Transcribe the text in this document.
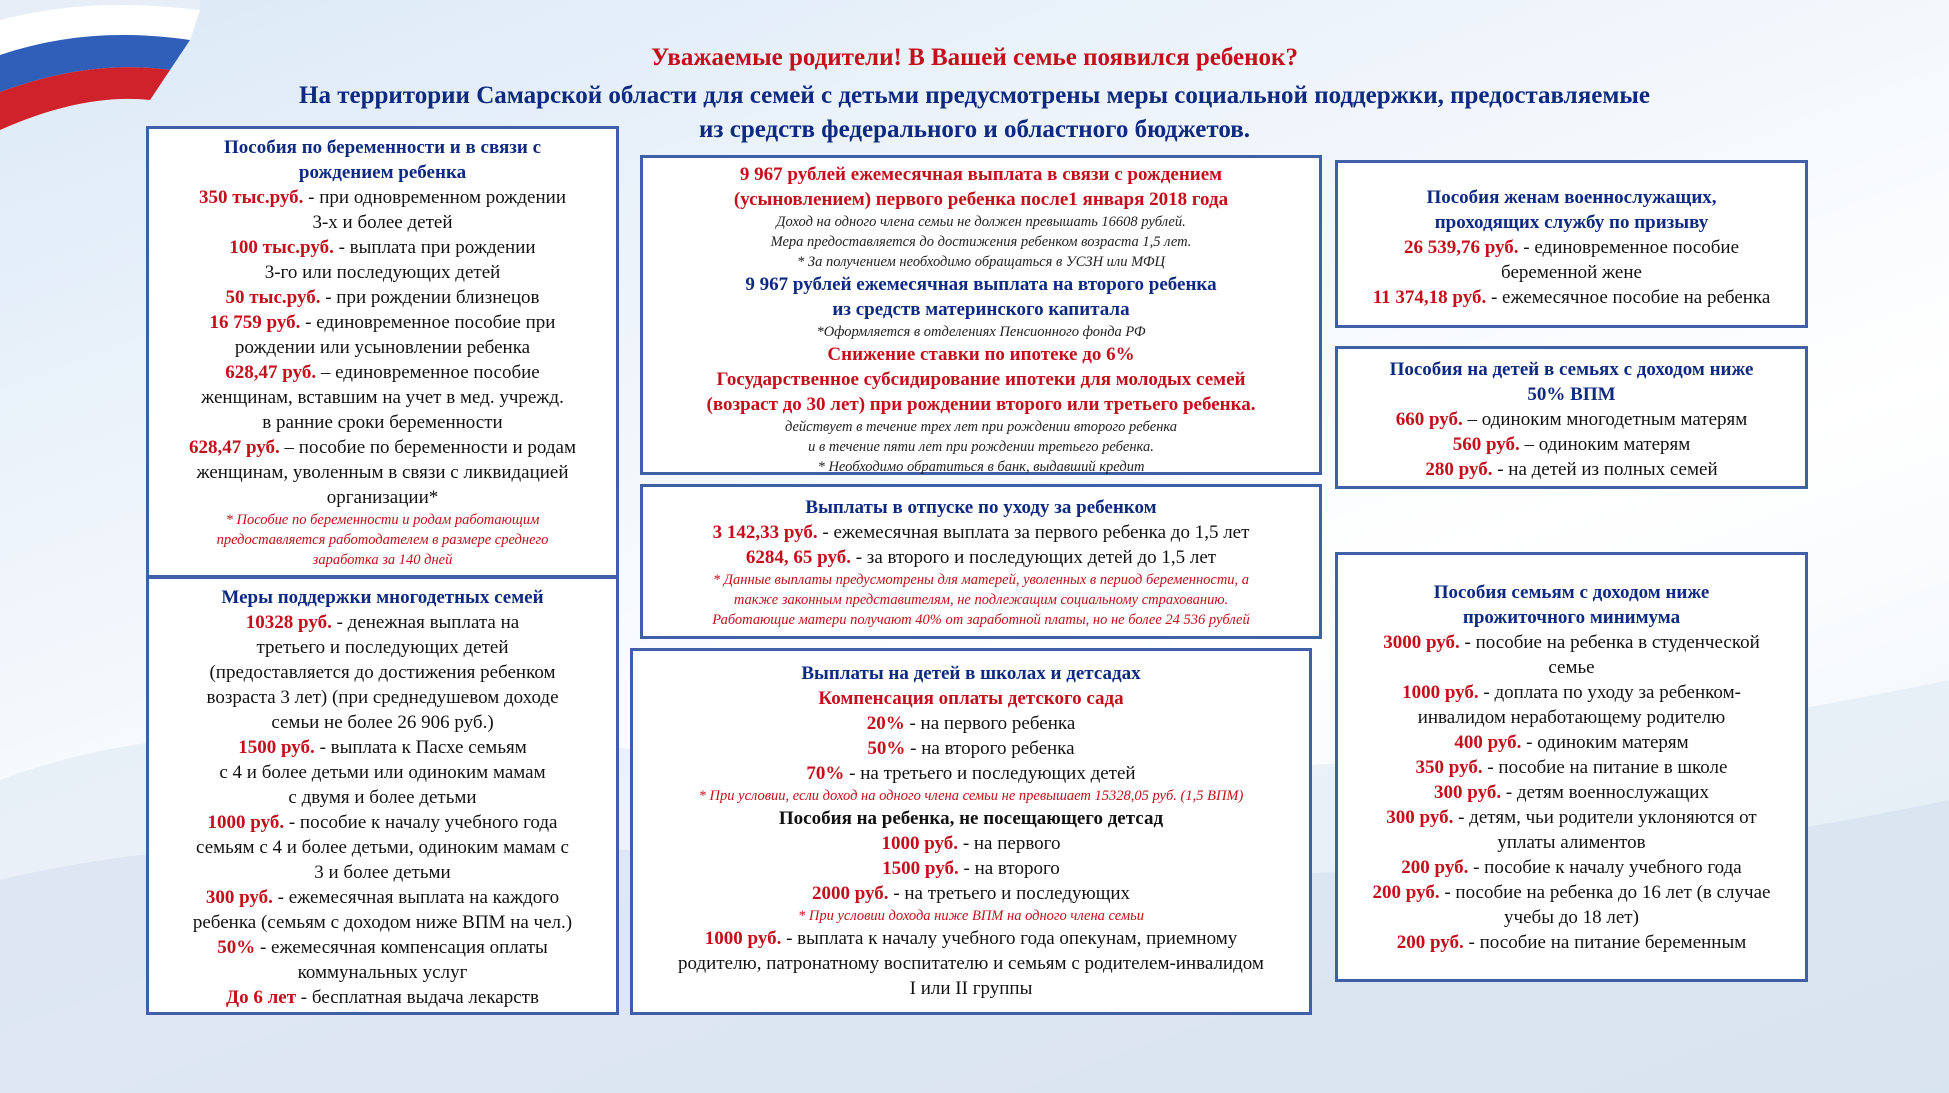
Уважаемые родители! В Вашей семье появился ребенок?
На территории Самарской области для семей с детьми предусмотрены меры социальной поддержки, предоставляемые
из средств федерального и областного бюджетов.

Пособия по беременности и в связи с

рождением ребенка

350 тыс.руб. - при одновременном рождении

3-х и более детей

100 тыс.руб. - выплата при рождении

3-го или последующих детей

50 тыс.руб. - при рождении близнецов

16 759 руб. - единовременное пособие при

рождении или усыновлении ребенка

628,47 руб. – единовременное пособие

женщинам, вставшим на учет в мед. учрежд.

в ранние сроки беременности

628,47 руб. – пособие по беременности и родам

женщинам, уволенным в связи с ликвидацией

организации*

* Пособие по беременности и родам работающим

предоставляется работодателем в размере среднего

заработка за 140 дней

Меры поддержки многодетных семей

10328 руб. - денежная выплата на

третьего и последующих детей

(предоставляется до достижения ребенком

возраста 3 лет) (при среднедушевом доходе

семьи не более 26 906 руб.)

1500 руб. - выплата к Пасхе семьям

с 4 и более детьми или одиноким мамам

с двумя и более детьми

1000 руб. - пособие к началу учебного года

семьям с 4 и более детьми, одиноким мамам с

3 и более детьми

300 руб. - ежемесячная выплата на каждого

ребенка (семьям с доходом ниже ВПМ на чел.)

50% - ежемесячная компенсация оплаты

коммунальных услуг

До 6 лет - бесплатная выдача лекарств

9 967 рублей ежемесячная выплата в связи с рождением

(усыновлением) первого ребенка после1 января 2018 года

Доход на одного члена семьи не должен превышать 16608 рублей.

Мера предоставляется до достижения ребенком возраста 1,5 лет.

* За получением необходимо обращаться в УСЗН или МФЦ

9 967 рублей ежемесячная выплата на второго ребенка

из средств материнского капитала

*Оформляется в отделениях Пенсионного фонда РФ

Снижение ставки по ипотеке до 6%

Государственное субсидирование ипотеки для молодых семей

(возраст до 30 лет) при рождении второго или третьего ребенка.

действует в течение трех лет при рождении второго ребенка

и в течение пяти лет при рождении третьего ребенка.

* Необходимо обратиться в банк, выдавший кредит

Выплаты в отпуске по уходу за ребенком

3 142,33 руб. - ежемесячная выплата за первого ребенка до 1,5 лет

6284, 65 руб. - за второго и последующих детей до 1,5 лет

* Данные выплаты предусмотрены для матерей, уволенных в период беременности, а

также законным представителям, не подлежащим социальному страхованию.

Работающие матери получают 40% от заработной платы, но не более 24 536 рублей

Выплаты на детей в школах и детсадах

Компенсация оплаты детского сада

20% - на первого ребенка

50% - на второго ребенка

70% - на третьего и последующих детей

* При условии, если доход на одного члена семьи не превышает 15328,05 руб. (1,5 ВПМ)

Пособия на ребенка, не посещающего детсад

1000 руб. - на первого

1500 руб. - на второго

2000 руб. - на третьего и последующих

* При условии дохода ниже ВПМ на одного члена семьи

1000 руб. - выплата к началу учебного года опекунам, приемному

родителю, патронатному воспитателю и семьям с родителем-инвалидом

I или II группы

Пособия женам военнослужащих,

проходящих службу по призыву

26 539,76 руб. - единовременное пособие

беременной жене

11 374,18 руб. - ежемесячное пособие на ребенка

Пособия на детей в семьях с доходом ниже

50% ВПМ

660 руб. – одиноким многодетным матерям

560 руб. – одиноким матерям

280 руб. - на детей из полных семей

Пособия семьям с доходом ниже

прожиточного минимума

3000 руб. - пособие на ребенка в студенческой

семье

1000 руб. - доплата по уходу за ребенком-

инвалидом неработающему родителю

400 руб. - одиноким матерям

350 руб. - пособие на питание в школе

300 руб. - детям военнослужащих

300 руб. - детям, чьи родители уклоняются от

уплаты алиментов

200 руб. - пособие к началу учебного года

200 руб. - пособие на ребенка до 16 лет (в случае

учебы до 18 лет)

200 руб. - пособие на питание беременным
